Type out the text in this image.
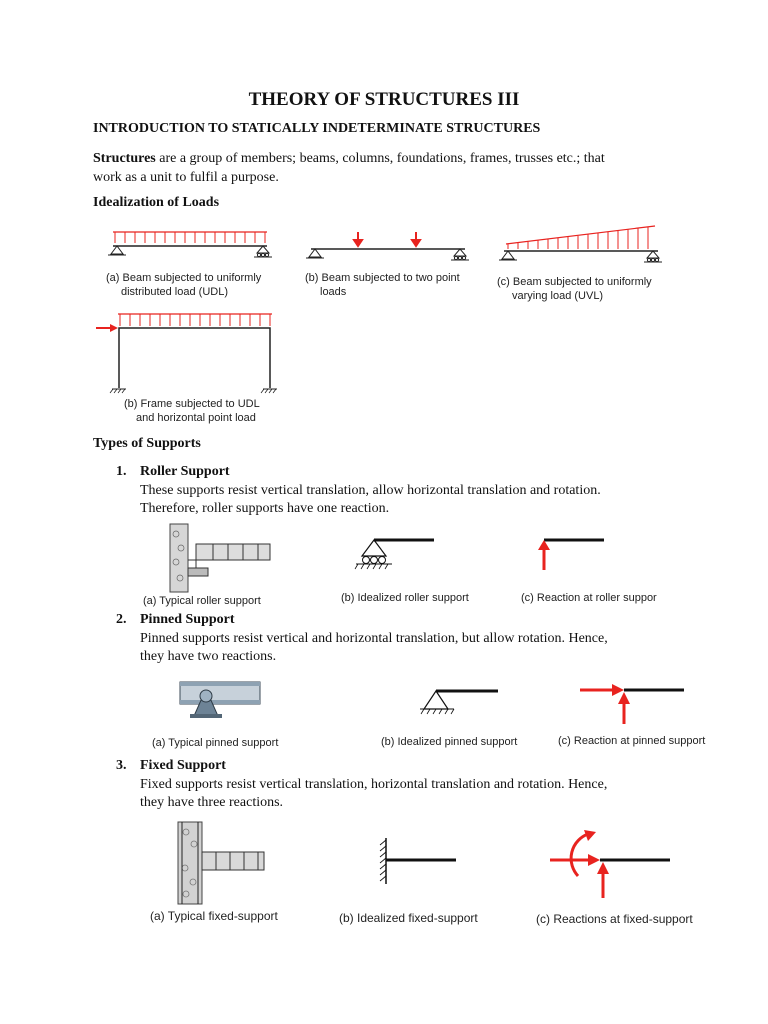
THEORY OF STRUCTURES III
INTRODUCTION TO STATICALLY INDETERMINATE STRUCTURES
Structures are a group of members; beams, columns, foundations, frames, trusses etc.; that
work as a unit to fulfil a purpose.
Idealization of Loads
(a) Beam subjected to uniformly
distributed load (UDL)
(b) Beam subjected to two point
loads
(c) Beam subjected to uniformly
varying load (UVL)
(b) Frame subjected to UDL
and horizontal point load
Types of Supports
1. Roller Support
These supports resist vertical translation, allow horizontal translation and rotation.
Therefore, roller supports have one reaction.
(a) Typical roller support	(b) Idealized roller support	(c) Reaction at roller suppor
2. Pinned Support
Pinned supports resist vertical and horizontal translation, but allow rotation. Hence,
they have two reactions.
(a) Typical pinned support	(b) Idealized pinned support	(c) Reaction at pinned support
3. Fixed Support
Fixed supports resist vertical translation, horizontal translation and rotation. Hence,
they have three reactions.
(a) Typical fixed-support	(b) Idealized fixed-support	(c) Reactions at fixed-support
